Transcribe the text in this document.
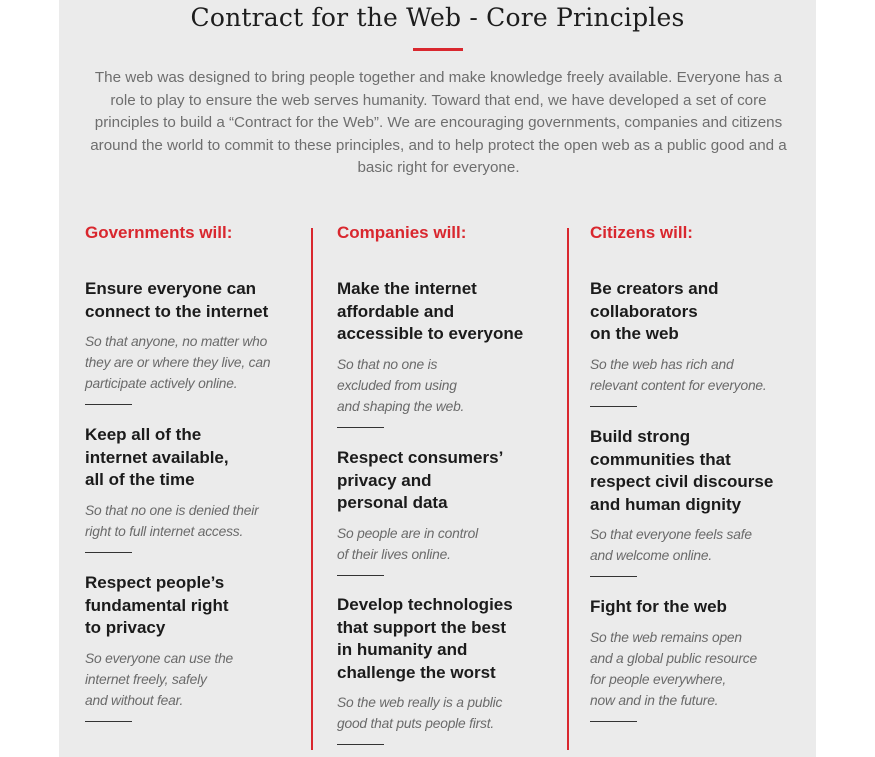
Contract for the Web - Core Principles

The web was designed to bring people together and make knowledge freely available. Everyone has a role to play to ensure the web serves humanity. Toward that end, we have developed a set of core principles to build a “Contract for the Web”. We are encouraging governments, companies and citizens around the world to commit to these principles, and to help protect the open web as a public good and a basic right for everyone.

Governments will:

Ensure everyone can
connect to the internet

So that anyone, no matter who
they are or where they live, can
participate actively online.

Keep all of the
internet available,
all of the time

So that no one is denied their
right to full internet access.

Respect people’s
fundamental right
to privacy

So everyone can use the
internet freely, safely
and without fear.

Companies will:

Make the internet
affordable and
accessible to everyone

So that no one is
excluded from using
and shaping the web.

Respect consumers’
privacy and
personal data

So people are in control
of their lives online.

Develop technologies
that support the best
in humanity and
challenge the worst

So the web really is a public
good that puts people first.

Citizens will:

Be creators and
collaborators
on the web

So the web has rich and
relevant content for everyone.

Build strong
communities that
respect civil discourse
and human dignity

So that everyone feels safe
and welcome online.

Fight for the web

So the web remains open
and a global public resource
for people everywhere,
now and in the future.
